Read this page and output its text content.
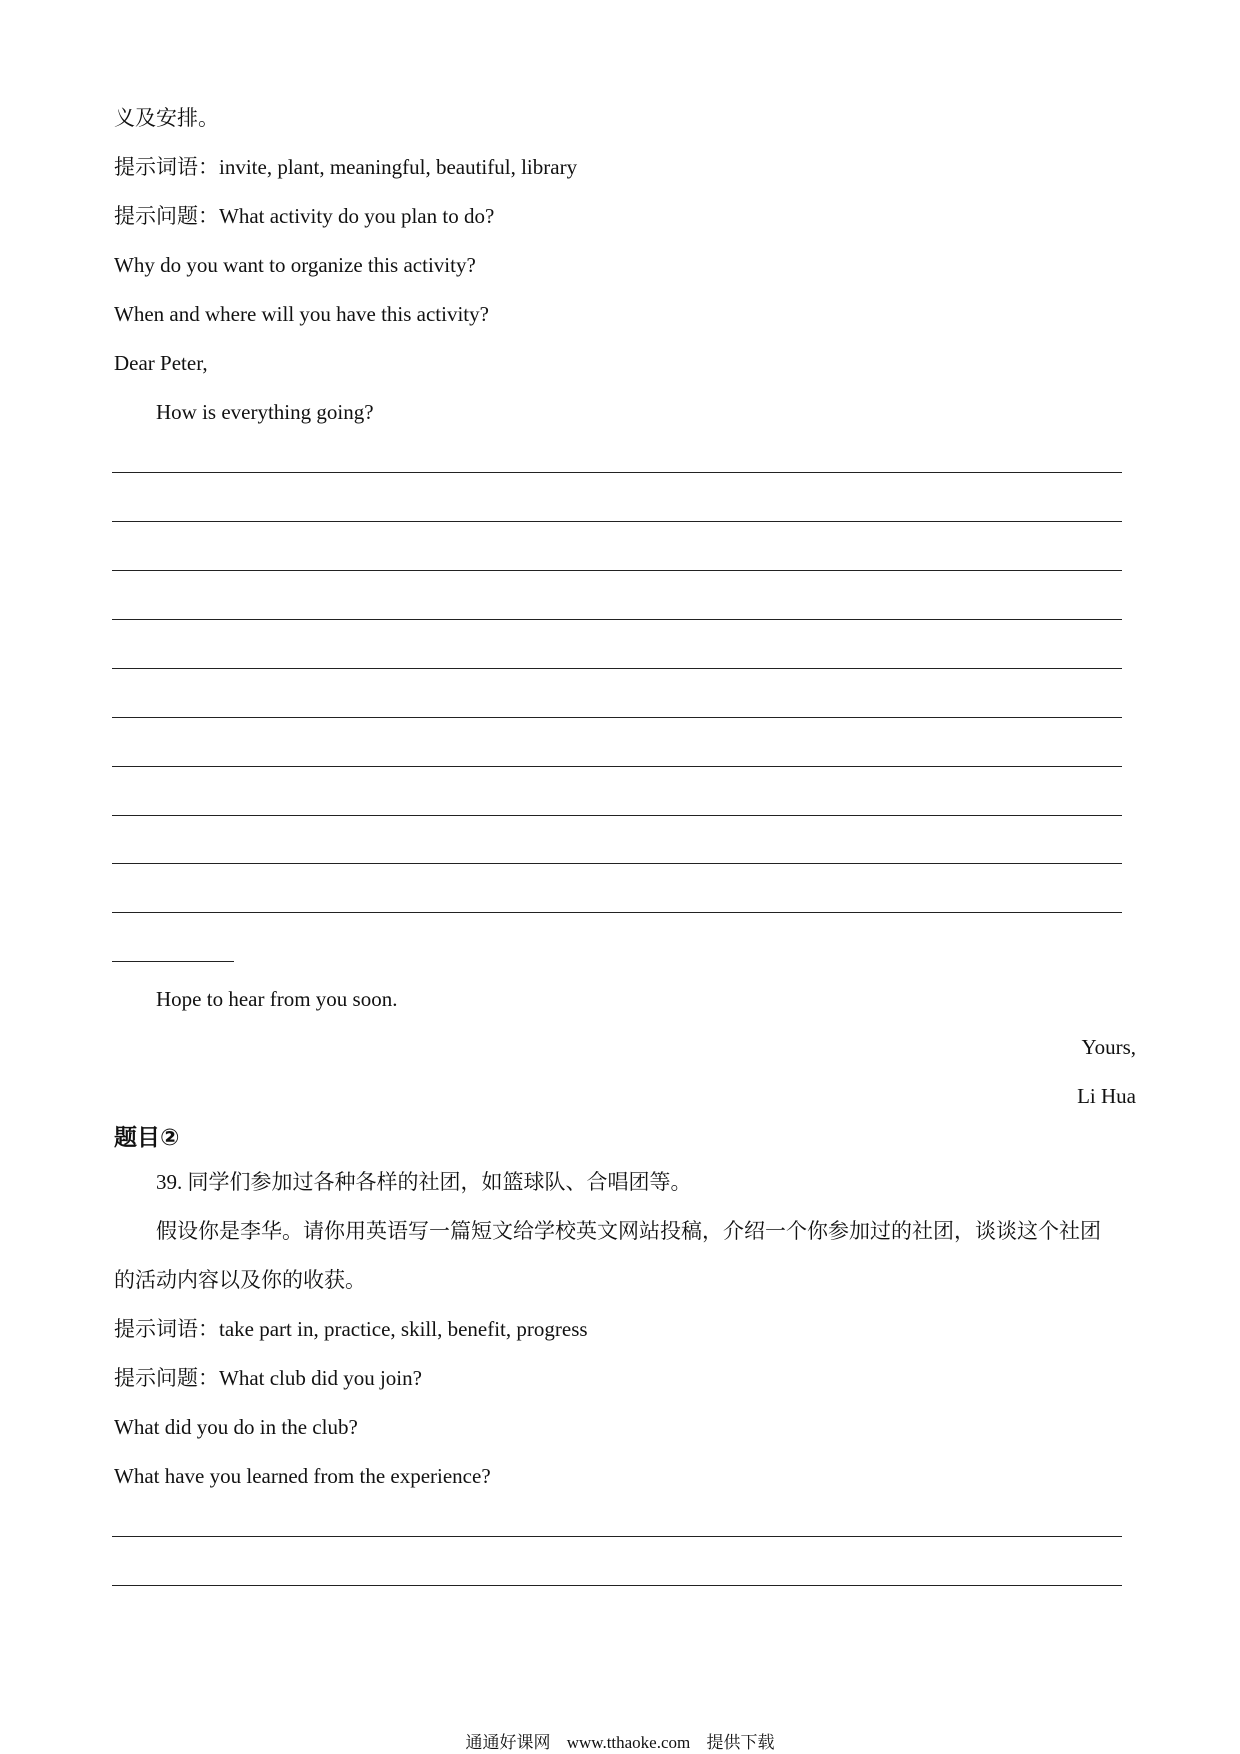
义及安排。
提示词语：invite, plant, meaningful, beautiful, library
提示问题：What activity do you plan to do?
Why do you want to organize this activity?
When and where will you have this activity?
Dear Peter,
How is everything going?
Hope to hear from you soon.
Yours,
Li Hua
题目②
39. 同学们参加过各种各样的社团，如篮球队、合唱团等。
假设你是李华。请你用英语写一篇短文给学校英文网站投稿，介绍一个你参加过的社团，谈谈这个社团
的活动内容以及你的收获。
提示词语：take part in, practice, skill, benefit, progress
提示问题：What club did you join?
What did you do in the club?
What have you learned from the experience?
通通好课网 www.tthaoke.com 提供下载
